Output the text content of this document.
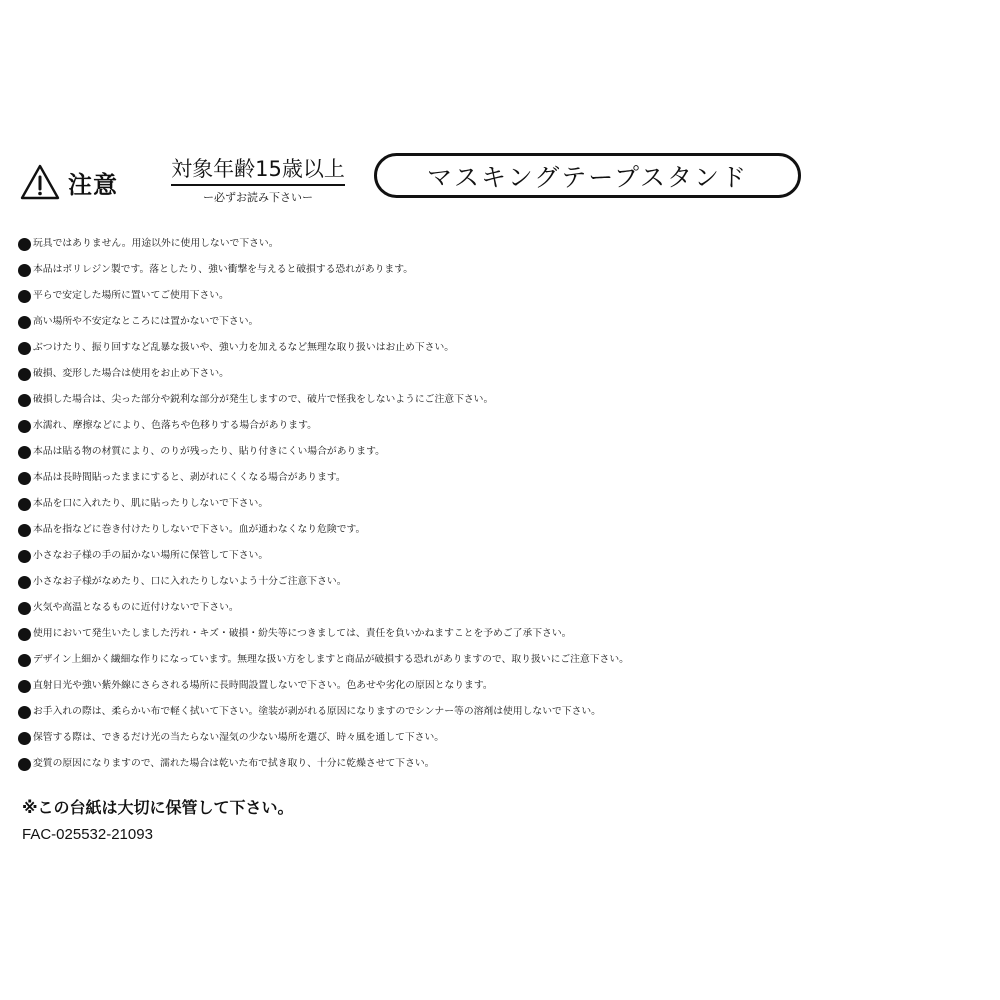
注意
対象年齢15歳以上
ー必ずお読み下さいー
マスキングテープスタンド
玩具ではありません。用途以外に使用しないで下さい。
本品はポリレジン製です。落としたり、強い衝撃を与えると破損する恐れがあります。
平らで安定した場所に置いてご使用下さい。
高い場所や不安定なところには置かないで下さい。
ぶつけたり、振り回すなど乱暴な扱いや、強い力を加えるなど無理な取り扱いはお止め下さい。
破損、変形した場合は使用をお止め下さい。
破損した場合は、尖った部分や鋭利な部分が発生しますので、破片で怪我をしないようにご注意下さい。
水濡れ、摩擦などにより、色落ちや色移りする場合があります。
本品は貼る物の材質により、のりが残ったり、貼り付きにくい場合があります。
本品は長時間貼ったままにすると、剥がれにくくなる場合があります。
本品を口に入れたり、肌に貼ったりしないで下さい。
本品を指などに巻き付けたりしないで下さい。血が通わなくなり危険です。
小さなお子様の手の届かない場所に保管して下さい。
小さなお子様がなめたり、口に入れたりしないよう十分ご注意下さい。
火気や高温となるものに近付けないで下さい。
使用において発生いたしました汚れ・キズ・破損・紛失等につきましては、責任を負いかねますことを予めご了承下さい。
デザイン上細かく繊細な作りになっています。無理な扱い方をしますと商品が破損する恐れがありますので、取り扱いにご注意下さい。
直射日光や強い紫外線にさらされる場所に長時間設置しないで下さい。色あせや劣化の原因となります。
お手入れの際は、柔らかい布で軽く拭いて下さい。塗装が剥がれる原因になりますのでシンナー等の溶剤は使用しないで下さい。
保管する際は、できるだけ光の当たらない湿気の少ない場所を選び、時々風を通して下さい。
変質の原因になりますので、濡れた場合は乾いた布で拭き取り、十分に乾燥させて下さい。
※この台紙は大切に保管して下さい。
FAC-025532-21093
